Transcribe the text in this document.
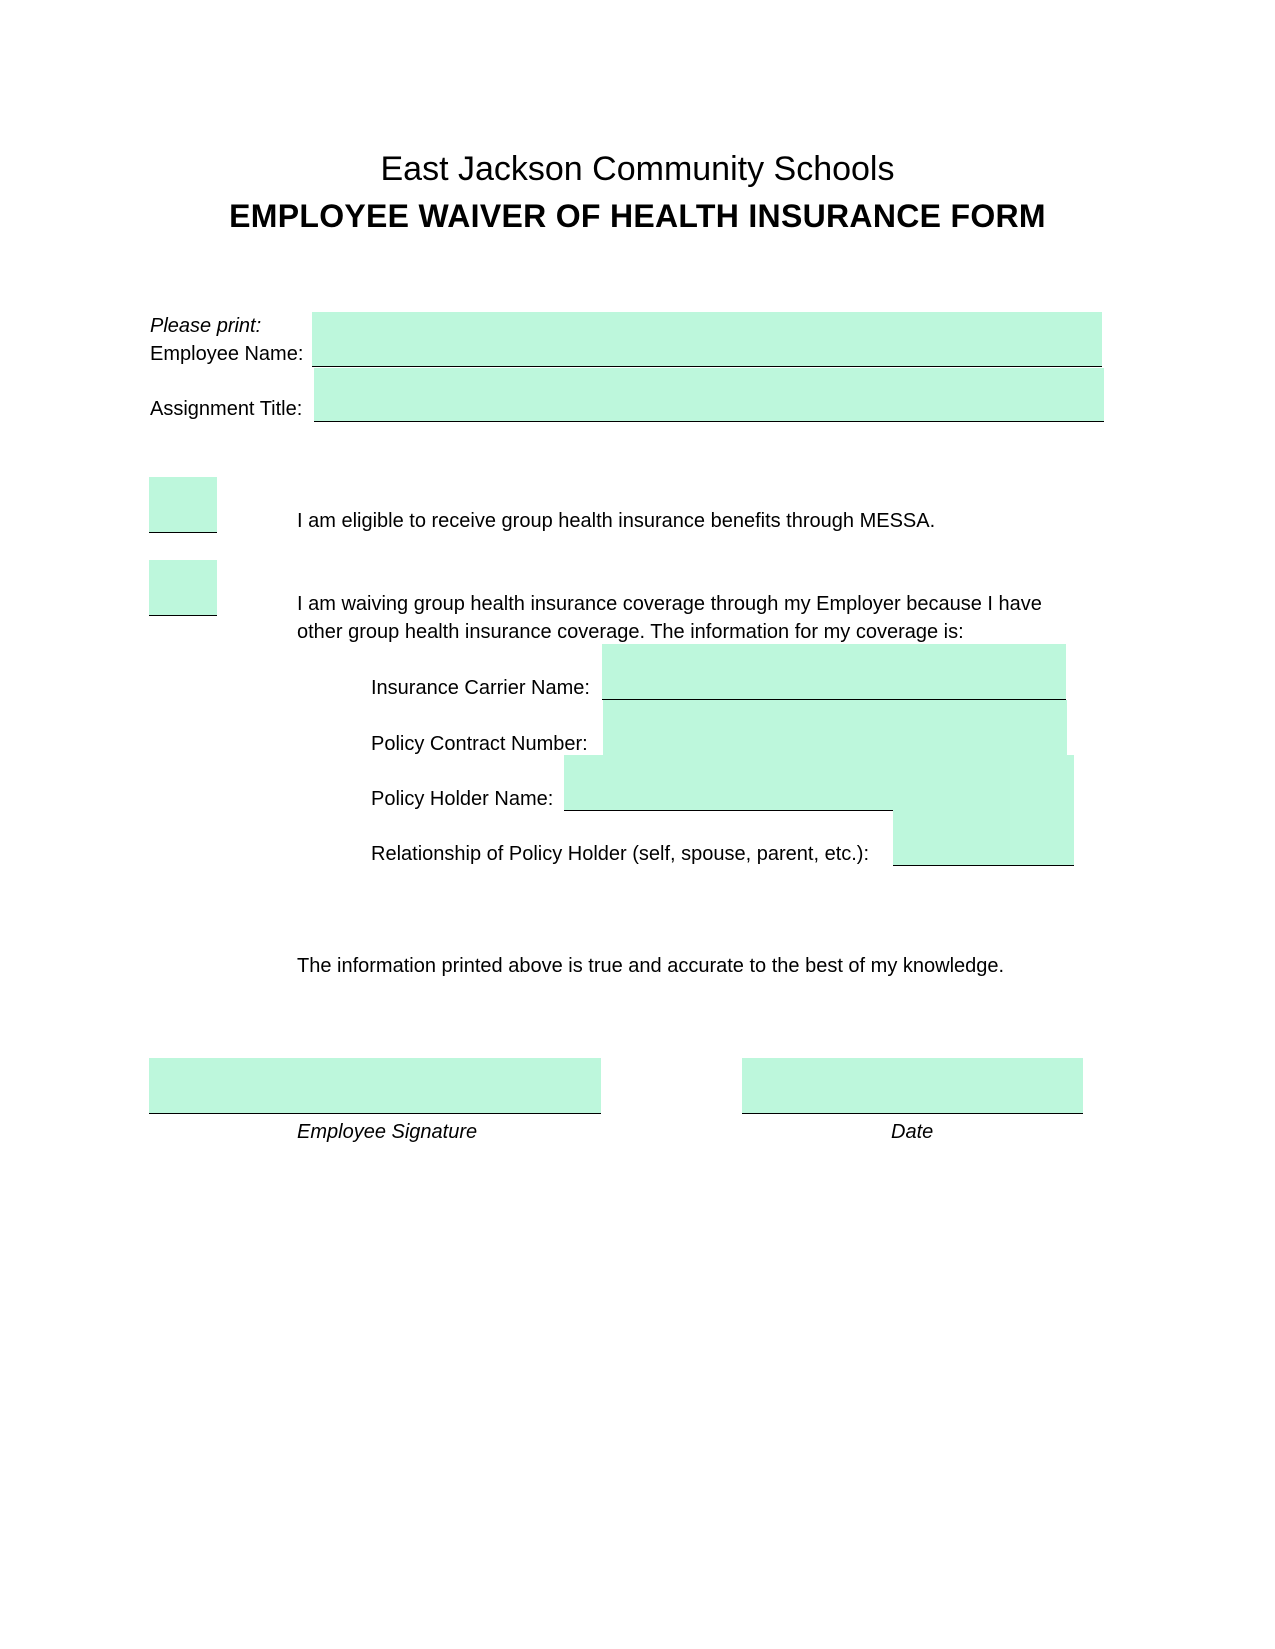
East Jackson Community Schools
EMPLOYEE WAIVER OF HEALTH INSURANCE FORM
Please print:
Employee Name:
Assignment Title:
I am eligible to receive group health insurance benefits through MESSA.
I am waiving group health insurance coverage through my Employer because I have
other group health insurance coverage. The information for my coverage is:
Insurance Carrier Name:
Policy Contract Number:
Policy Holder Name:
Relationship of Policy Holder (self, spouse, parent, etc.):
The information printed above is true and accurate to the best of my knowledge.
Employee Signature	Date
